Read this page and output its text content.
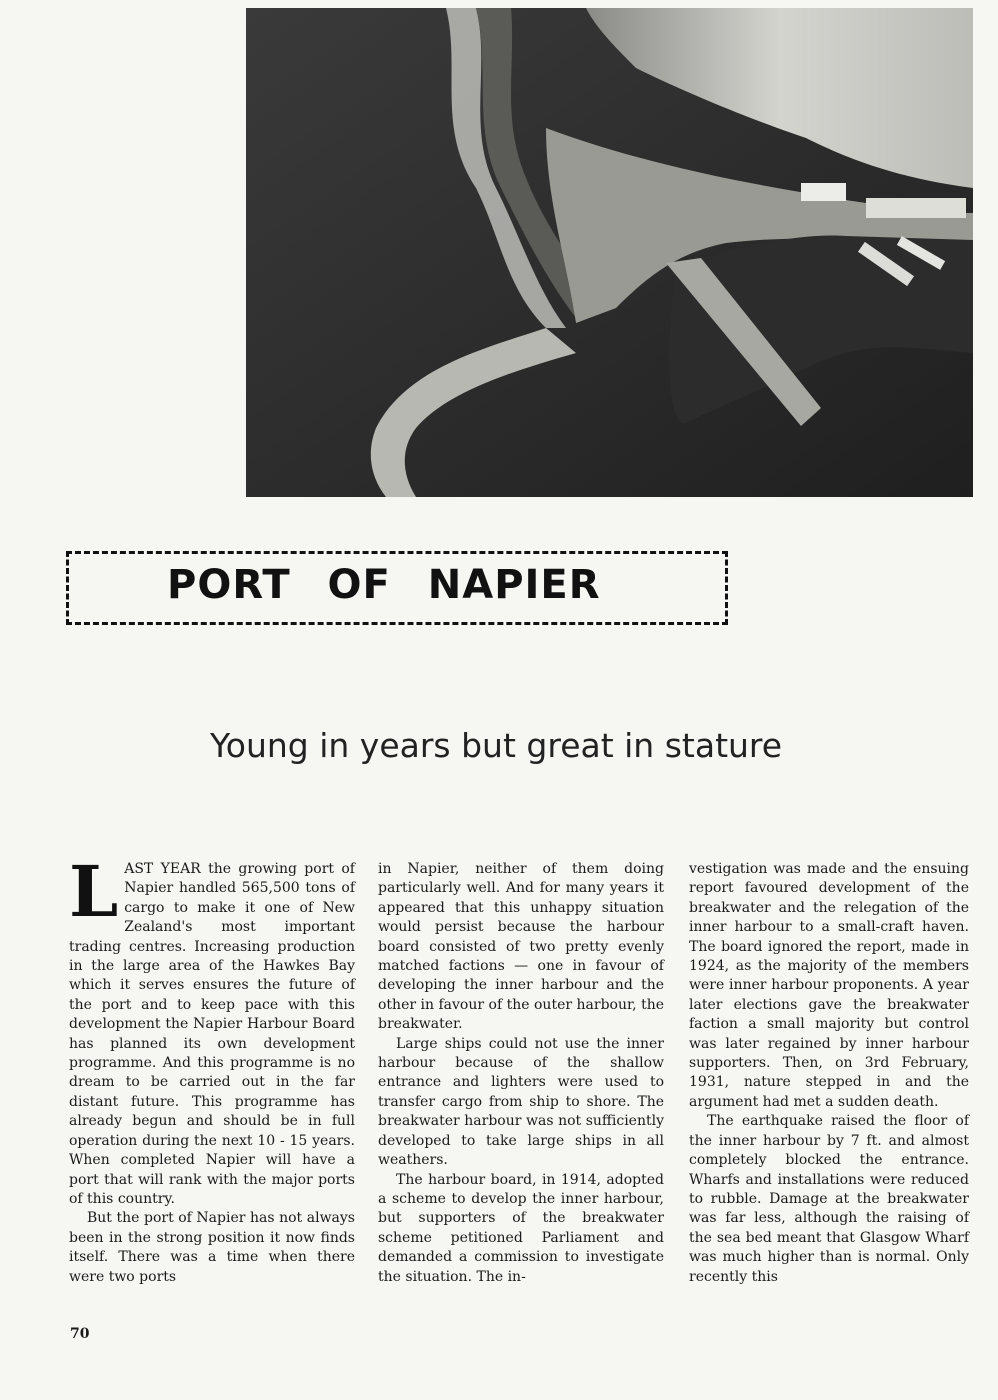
PORT OF NAPIER
Young in years but great in stature

LAST YEAR the growing port of Napier handled 565,500 tons of cargo to make it one of New Zealand's most important trading centres. Increasing production in the large area of the Hawkes Bay which it serves ensures the future of the port and to keep pace with this development the Napier Harbour Board has planned its own development programme. And this programme is no dream to be carried out in the far distant future. This programme has already begun and should be in full operation during the next 10 - 15 years. When completed Napier will have a port that will rank with the major ports of this country.

But the port of Napier has not always been in the strong position it now finds itself. There was a time when there were two ports

in Napier, neither of them doing particularly well. And for many years it appeared that this unhappy situation would persist because the harbour board consisted of two pretty evenly matched factions — one in favour of developing the inner harbour and the other in favour of the outer harbour, the breakwater.

Large ships could not use the inner harbour because of the shallow entrance and lighters were used to transfer cargo from ship to shore. The breakwater harbour was not sufficiently developed to take large ships in all weathers.

The harbour board, in 1914, adopted a scheme to develop the inner harbour, but supporters of the breakwater scheme petitioned Parliament and demanded a commission to investigate the situation. The in-

vestigation was made and the ensuing report favoured development of the breakwater and the relegation of the inner harbour to a small-craft haven. The board ignored the report, made in 1924, as the majority of the members were inner harbour proponents. A year later elections gave the breakwater faction a small majority but control was later regained by inner harbour supporters. Then, on 3rd February, 1931, nature stepped in and the argument had met a sudden death.

The earthquake raised the floor of the inner harbour by 7 ft. and almost completely blocked the entrance. Wharfs and installations were reduced to rubble. Damage at the breakwater was far less, although the raising of the sea bed meant that Glasgow Wharf was much higher than is normal. Only recently this

70
